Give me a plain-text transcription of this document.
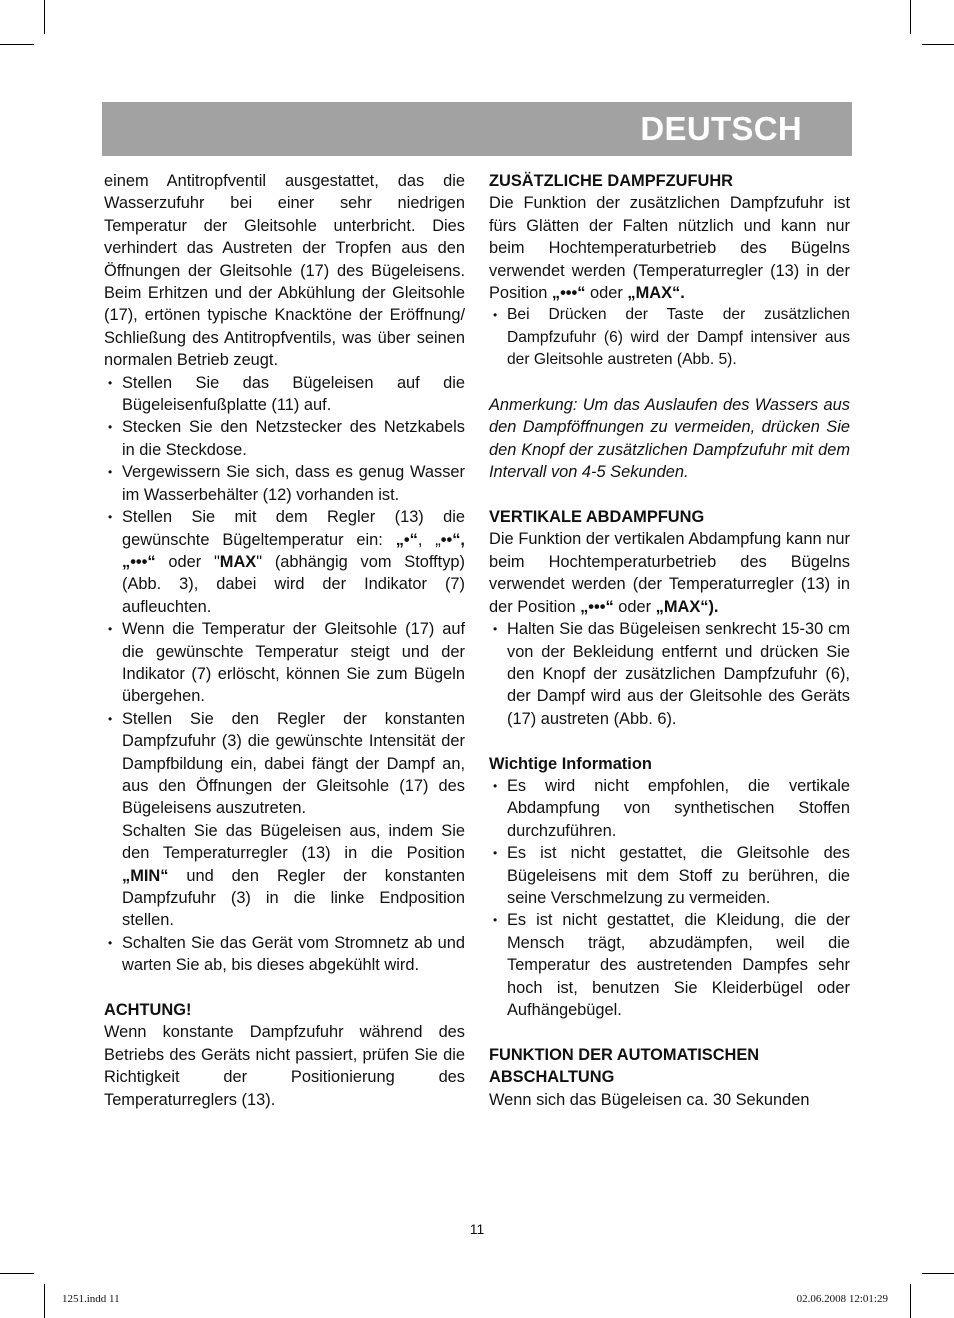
DEUTSCH

einem Antitropfventil ausgestattet, das die Wasserzufuhr bei einer sehr niedrigen Temperatur der Gleitsohle unterbricht. Dies verhindert das Austreten der Tropfen aus den Öffnungen der Gleitsohle (17) des Bügeleisens. Beim Erhitzen und der Abkühlung der Gleitsohle (17), ertönen typische Knacktöne der Eröffnung/ Schließung des Antitropfventils, was über seinen normalen Betrieb zeugt.

• Stellen Sie das Bügeleisen auf die Bügeleisenfußplatte (11) auf.
• Stecken Sie den Netzstecker des Netzkabels in die Steckdose.
• Vergewissern Sie sich, dass es genug Wasser im Wasserbehälter (12) vorhanden ist.
• Stellen Sie mit dem Regler (13) die gewünschte Bügeltemperatur ein: „•“, „••“, „•••“ oder "MAX" (abhängig vom Stofftyp) (Abb. 3), dabei wird der Indikator (7) aufleuchten.
• Wenn die Temperatur der Gleitsohle (17) auf die gewünschte Temperatur steigt und der Indikator (7) erlöscht, können Sie zum Bügeln übergehen.
• Stellen Sie den Regler der konstanten Dampfzufuhr (3) die gewünschte Intensität der Dampfbildung ein, dabei fängt der Dampf an, aus den Öffnungen der Gleitsohle (17) des Bügeleisens auszutreten.
Schalten Sie das Bügeleisen aus, indem Sie den Temperaturregler (13) in die Position „MIN“ und den Regler der konstanten Dampfzufuhr (3) in die linke Endposition stellen.
• Schalten Sie das Gerät vom Stromnetz ab und warten Sie ab, bis dieses abgekühlt wird.
ACHTUNG!

Wenn konstante Dampfzufuhr während des Betriebs des Geräts nicht passiert, prüfen Sie die Richtigkeit der Positionierung des Temperaturreglers (13).

ZUSÄTZLICHE DAMPFZUFUHR

Die Funktion der zusätzlichen Dampfzufuhr ist fürs Glätten der Falten nützlich und kann nur beim Hochtemperaturbetrieb des Bügelns verwendet werden (Temperaturregler (13) in der Position „•••“ oder „MAX“.

• Bei Drücken der Taste der zusätzlichen Dampfzufuhr (6) wird der Dampf intensiver aus der Gleitsohle austreten (Abb. 5).

Anmerkung: Um das Auslaufen des Wassers aus den Dampföffnungen zu vermeiden, drücken Sie den Knopf der zusätzlichen Dampfzufuhr mit dem Intervall von 4-5 Sekunden.

VERTIKALE ABDAMPFUNG

Die Funktion der vertikalen Abdampfung kann nur beim Hochtemperaturbetrieb des Bügelns verwendet werden (der Temperaturregler (13) in der Position „•••“ oder „MAX“).

• Halten Sie das Bügeleisen senkrecht 15-30 cm von der Bekleidung entfernt und drücken Sie den Knopf der zusätzlichen Dampfzufuhr (6), der Dampf wird aus der Gleitsohle des Geräts (17) austreten (Abb. 6).
Wichtige Information
• Es wird nicht empfohlen, die vertikale Abdampfung von synthetischen Stoffen durchzuführen.
• Es ist nicht gestattet, die Gleitsohle des Bügeleisens mit dem Stoff zu berühren, die seine Verschmelzung zu vermeiden.
• Es ist nicht gestattet, die Kleidung, die der Mensch trägt, abzudämpfen, weil die Temperatur des austretenden Dampfes sehr hoch ist, benutzen Sie Kleiderbügel oder Aufhängebügel.
FUNKTION DER AUTOMATISCHEN
ABSCHALTUNG

Wenn sich das Bügeleisen ca. 30 Sekunden

11
1251.indd 11	02.06.2008 12:01:29
